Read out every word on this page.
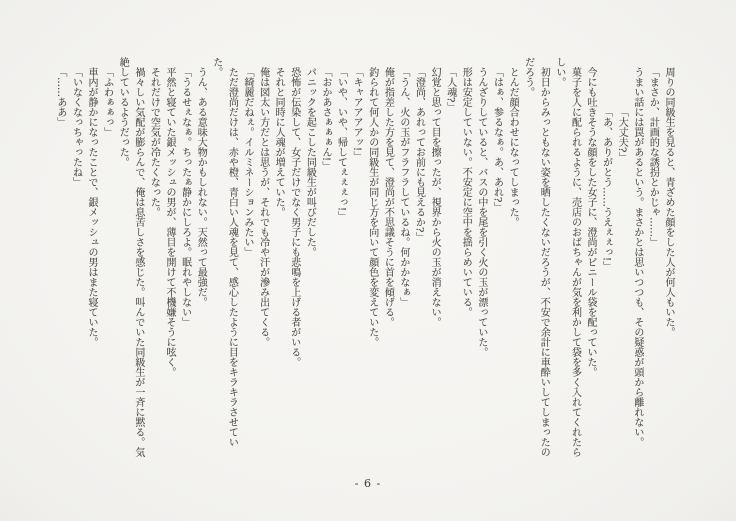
周りの同級生を見ると、青ざめた顔をした人が何人もいた。

「まさか、計画的な誘拐とかじゃ……」

うまい話には罠があるという。まさかとは思いつつも、その疑惑が頭から離れない。

「大丈夫?」

「あ、ありがとう……うえぇぇっ!」

今にも吐きそうな顔をした女子に、澄尚がビニール袋を配っていた。

菓子を人に配られるように、売店のおばちゃんが気を利かして袋を多く入れてくれたらしい。

初日からみっともない姿を晒したくないだろうが、不安で余計に車酔いしてしまったのだろう。

とんだ顔合わせになってしまった。

「はぁ、参るなぁ。あ、あれ?」

うんざりしていると、バスの中を尾を引く火の玉が漂っていた。

形は安定していない。不安定に空中を揺らめいている。

「人魂?」

幻覚と思って目を擦ったが、視界から火の玉が消えない。

「澄尚、あれってお前にも見えるか?」

「うん、火の玉がフラフラしているね。何かかなぁ」

俺が指差した方を見て、澄尚が不思議そうに首を傾げる。

釣られて何人かの同級生が同じ方を向いて顔色を変えていた。

「キャアアアアッ!」

「いや、いや、帰してぇぇぇっ!」

「おかあさぁぁぁん!」

パニックを起こした同級生が叫びだした。

恐怖が伝染して、女子だけでなく男子にも悲鳴を上げる者がいる。

それと同時に人魂が増えていた。

俺は図太い方だとは思うが、それでも冷や汗が滲み出てくる。

「綺麗だねぇ。イルミネーションみたい」

ただ澄尚だけは、赤や橙、青白い人魂を見て、感心したように目をキラキラさせていた。

うん、ある意味大物かもしれない。天然って最強だ。

「うるせぇなぁ。ちったぁ静かにしろよ。眠れやしない」

平然と寝ていた銀メッシュの男が、薄目を開けて不機嫌そうに呟く。

それだけで空気が冷たくなった。

禍々しい気配が膨らんで、俺は息苦しさを感じた。叫んでいた同級生が一斉に黙る。気絶しているようだった。

「ふわぁぁっ」

車内が静かになったことで、銀メッシュの男はまた寝ていた。

「いなくなっちゃったね」

「……ああ」

- 6 -
